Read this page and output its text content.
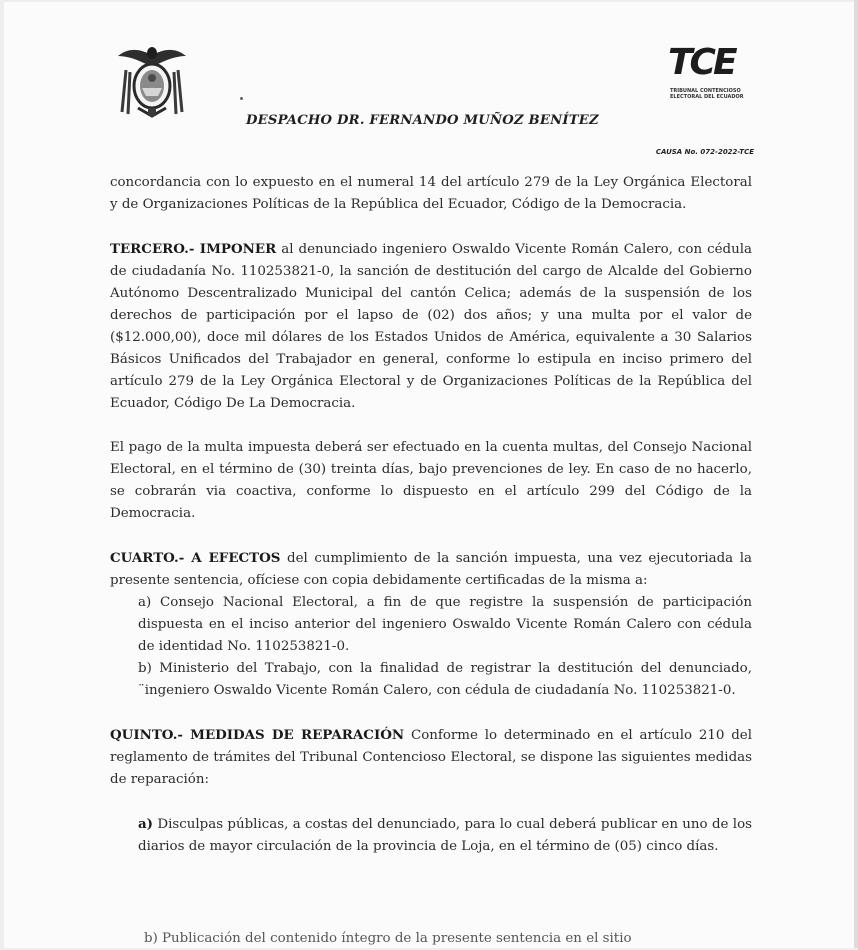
TCE
TRIBUNAL CONTENCIOSO ELECTORAL DEL ECUADOR
DESPACHO DR. FERNANDO MUÑOZ BENÍTEZ
CAUSA No. 072-2022-TCE

concordancia con lo expuesto en el numeral 14 del artículo 279 de la Ley Orgánica Electoral y de Organizaciones Políticas de la República del Ecuador, Código de la Democracia.

TERCERO.- IMPONER al denunciado ingeniero Oswaldo Vicente Román Calero, con cédula de ciudadanía No. 110253821-0, la sanción de destitución del cargo de Alcalde del Gobierno Autónomo Descentralizado Municipal del cantón Celica; además de la suspensión de los derechos de participación por el lapso de (02) dos años; y una multa por el valor de ($12.000,00), doce mil dólares de los Estados Unidos de América, equivalente a 30 Salarios Básicos Unificados del Trabajador en general, conforme lo estipula en inciso primero del artículo 279 de la Ley Orgánica Electoral y de Organizaciones Políticas de la República del Ecuador, Código De La Democracia.

El pago de la multa impuesta deberá ser efectuado en la cuenta multas, del Consejo Nacional Electoral, en el término de (30) treinta días, bajo prevenciones de ley. En caso de no hacerlo, se cobrarán via coactiva, conforme lo dispuesto en el artículo 299 del Código de la Democracia.

CUARTO.- A EFECTOS del cumplimiento de la sanción impuesta, una vez ejecutoriada la presente sentencia, ofíciese con copia debidamente certificadas de la misma a:

a) Consejo Nacional Electoral, a fin de que registre la suspensión de participación dispuesta en el inciso anterior del ingeniero Oswaldo Vicente Román Calero con cédula de identidad No. 110253821-0.

b) Ministerio del Trabajo, con la finalidad de registrar la destitución del denunciado, ¨ingeniero Oswaldo Vicente Román Calero, con cédula de ciudadanía No. 110253821-0.

QUINTO.- MEDIDAS DE REPARACIÓN Conforme lo determinado en el artículo 210 del reglamento de trámites del Tribunal Contencioso Electoral, se dispone las siguientes medidas de reparación:

a) Disculpas públicas, a costas del denunciado, para lo cual deberá publicar en uno de los diarios de mayor circulación de la provincia de Loja, en el término de (05) cinco días.

b) Publicación del contenido íntegro de la presente sentencia en el sitio
